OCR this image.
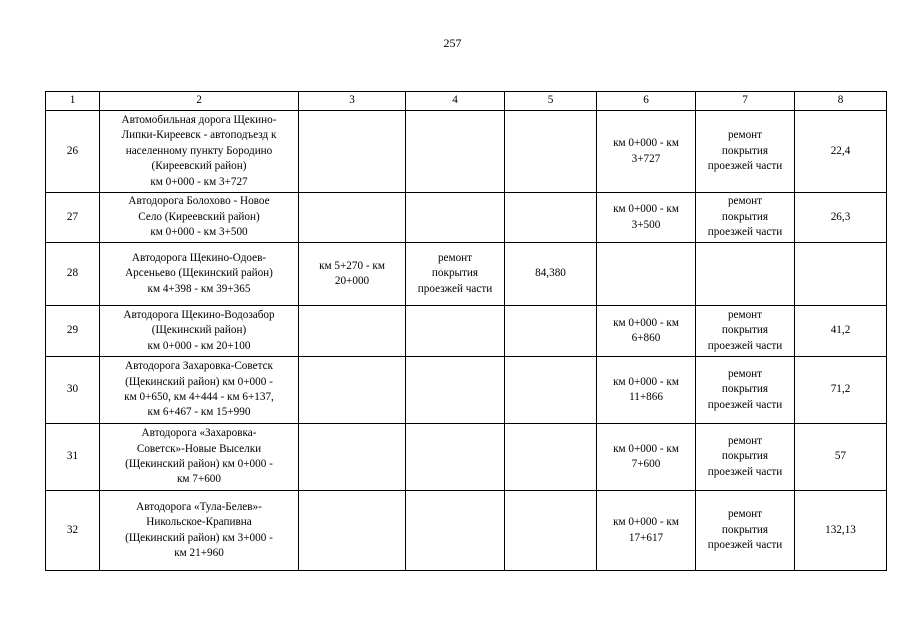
257
1	2	3	4	5	6	7	8
26	Автомобильная дорога Щекино-
Липки-Киреевск - автоподъезд к
населенному пункту Бородино
(Киреевский район)
км 0+000 - км 3+727				км 0+000 - км
3+727	ремонт
покрытия
проезжей части	22,4
27	Автодорога Болохово - Новое
Село (Киреевский район)
км 0+000 - км 3+500				км 0+000 - км
3+500	ремонт
покрытия
проезжей части	26,3
28	Автодорога Щекино-Одоев-
Арсеньево (Щекинский район)
км 4+398 - км 39+365	км 5+270 - км
20+000	ремонт
покрытия
проезжей части	84,380			
29	Автодорога Щекино-Водозабор
(Щекинский район)
км 0+000 - км 20+100				км 0+000 - км
6+860	ремонт
покрытия
проезжей части	41,2
30	Автодорога Захаровка-Советск
(Щекинский район) км 0+000 -
км 0+650, км 4+444 - км 6+137,
км 6+467 - км 15+990				км 0+000 - км
11+866	ремонт
покрытия
проезжей части	71,2
31	Автодорога «Захаровка-
Советск»-Новые Выселки
(Щекинский район) км 0+000 -
км 7+600				км 0+000 - км
7+600	ремонт
покрытия
проезжей части	57
32	Автодорога «Тула-Белев»-
Никольское-Крапивна
(Щекинский район) км 3+000 -
км 21+960				км 0+000 - км
17+617	ремонт
покрытия
проезжей части	132,13
